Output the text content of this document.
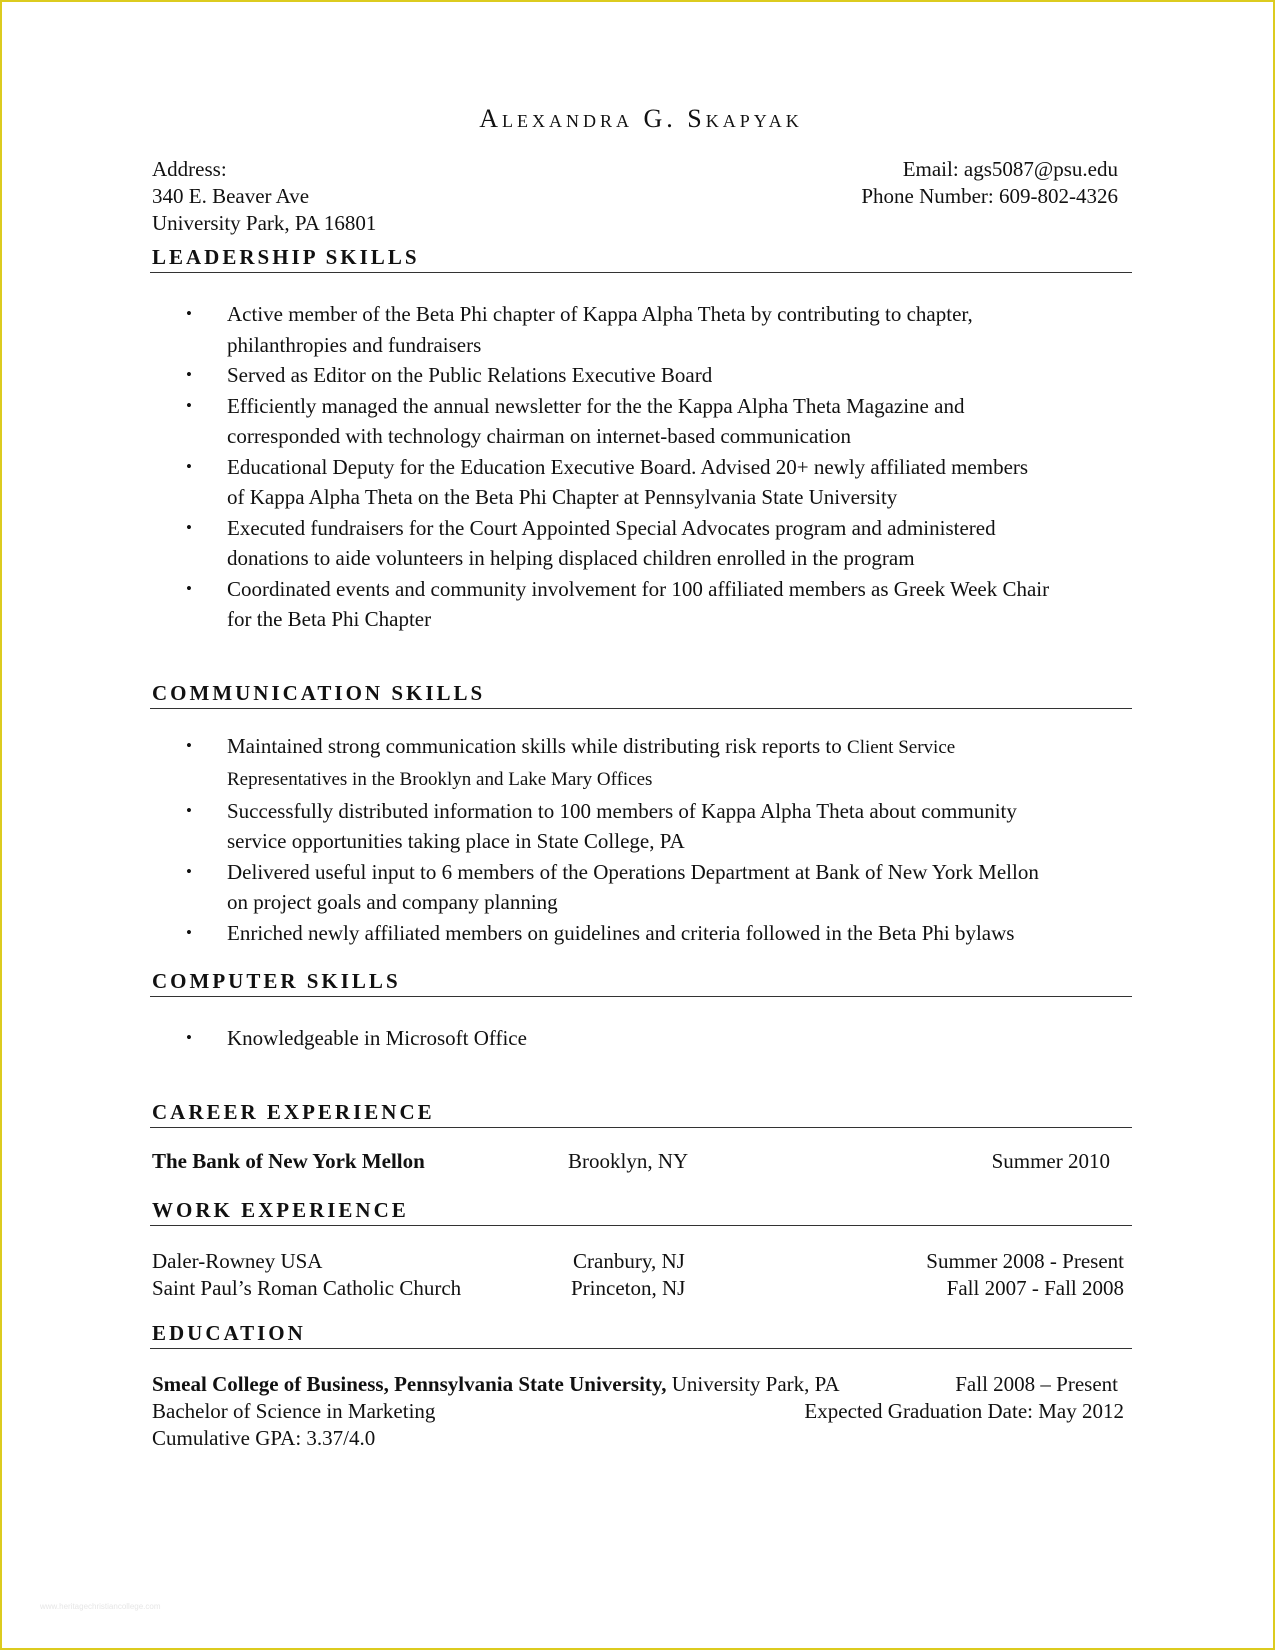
Alexandra G. Skapyak
Address:
340 E. Beaver Ave
University Park, PA 16801
Email: ags5087@psu.edu
Phone Number: 609-802-4326
LEADERSHIP SKILLS
• Active member of the Beta Phi chapter of Kappa Alpha Theta by contributing to chapter,
philanthropies and fundraisers
• Served as Editor on the Public Relations Executive Board
• Efficiently managed the annual newsletter for the the Kappa Alpha Theta Magazine and
corresponded with technology chairman on internet-based communication
• Educational Deputy for the Education Executive Board. Advised 20+ newly affiliated members
of Kappa Alpha Theta on the Beta Phi Chapter at Pennsylvania State University
• Executed fundraisers for the Court Appointed Special Advocates program and administered
donations to aide volunteers in helping displaced children enrolled in the program
• Coordinated events and community involvement for 100 affiliated members as Greek Week Chair
for the Beta Phi Chapter
COMMUNICATION SKILLS
• Maintained strong communication skills while distributing risk reports to Client Service
Representatives in the Brooklyn and Lake Mary Offices
• Successfully distributed information to 100 members of Kappa Alpha Theta about community
service opportunities taking place in State College, PA
• Delivered useful input to 6 members of the Operations Department at Bank of New York Mellon
on project goals and company planning
• Enriched newly affiliated members on guidelines and criteria followed in the Beta Phi bylaws
COMPUTER SKILLS
• Knowledgeable in Microsoft Office
CAREER EXPERIENCE
The Bank of New York Mellon	Brooklyn, NY	Summer 2010
WORK EXPERIENCE
Daler-Rowney USA	Cranbury, NJ	Summer 2008 - Present
Saint Paul’s Roman Catholic Church	Princeton, NJ	Fall 2007 - Fall 2008
EDUCATION
Smeal College of Business, Pennsylvania State University, University Park, PA	Fall 2008 – Present
Bachelor of Science in Marketing	Expected Graduation Date: May 2012
Cumulative GPA: 3.37/4.0
www.heritagechristiancollege.com
